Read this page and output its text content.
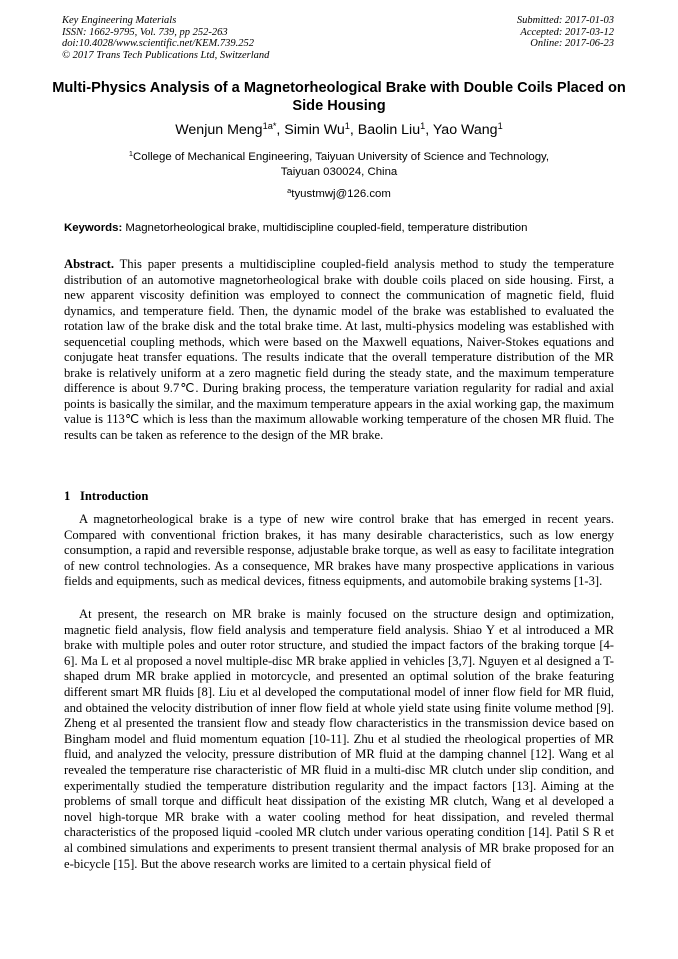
Key Engineering Materials
ISSN: 1662-9795, Vol. 739, pp 252-263
doi:10.4028/www.scientific.net/KEM.739.252
© 2017 Trans Tech Publications Ltd, Switzerland
Submitted: 2017-01-03
Accepted: 2017-03-12
Online: 2017-06-23
Multi-Physics Analysis of a Magnetorheological Brake with Double Coils Placed on Side Housing
Wenjun Meng$^{1a*}$, Simin Wu$^1$, Baolin Liu$^1$, Yao Wang$^1$
$^1$College of Mechanical Engineering, Taiyuan University of Science and Technology,
Taiyuan 030024, China
$^a$tyustmwj@126.com
Keywords: Magnetorheological brake, multidiscipline coupled-field, temperature distribution
Abstract. This paper presents a multidiscipline coupled-field analysis method to study the temperature distribution of an automotive magnetorheological brake with double coils placed on side housing. First, a new apparent viscosity definition was employed to connect the communication of magnetic field, fluid dynamics, and temperature field. Then, the dynamic model of the brake was established to evaluated the rotation law of the brake disk and the total brake time. At last, multi-physics modeling was established with sequencetial coupling methods, which were based on the Maxwell equations, Naiver-Stokes equations and conjugate heat transfer equations. The results indicate that the overall temperature distribution of the MR brake is relatively uniform at a zero magnetic field during the steady state, and the maximum temperature difference is about 9.7℃. During braking process, the temperature variation regularity for radial and axial points is basically the similar, and the maximum temperature appears in the axial working gap, the maximum value is 113℃ which is less than the maximum allowable working temperature of the chosen MR fluid. The results can be taken as reference to the design of the MR brake.
1 Introduction
A magnetorheological brake is a type of new wire control brake that has emerged in recent years. Compared with conventional friction brakes, it has many desirable characteristics, such as low energy consumption, a rapid and reversible response, adjustable brake torque, as well as easy to facilitate integration of new control technologies. As a consequence, MR brakes have many prospective applications in various fields and equipments, such as medical devices, fitness equipments, and automobile braking systems [1-3].
At present, the research on MR brake is mainly focused on the structure design and optimization, magnetic field analysis, flow field analysis and temperature field analysis. Shiao Y et al introduced a MR brake with multiple poles and outer rotor structure, and studied the impact factors of the braking torque [4-6]. Ma L et al proposed a novel multiple-disc MR brake applied in vehicles [3,7]. Nguyen et al designed a T-shaped drum MR brake applied in motorcycle, and presented an optimal solution of the brake featuring different smart MR fluids [8]. Liu et al developed the computational model of inner flow field for MR fluid, and obtained the velocity distribution of inner flow field at whole yield state using finite volume method [9]. Zheng et al presented the transient flow and steady flow characteristics in the transmission device based on Bingham model and fluid momentum equation [10-11]. Zhu et al studied the rheological properties of MR fluid, and analyzed the velocity, pressure distribution of MR fluid at the damping channel [12]. Wang et al revealed the temperature rise characteristic of MR fluid in a multi-disc MR clutch under slip condition, and experimentally studied the temperature distribution regularity and the impact factors [13]. Aiming at the problems of small torque and difficult heat dissipation of the existing MR clutch, Wang et al developed a novel high-torque MR brake with a water cooling method for heat dissipation, and reveled thermal characteristics of the proposed liquid -cooled MR clutch under various operating condition [14]. Patil S R et al combined simulations and experiments to present transient thermal analysis of MR brake proposed for an e-bicycle [15]. But the above research works are limited to a certain physical field of
